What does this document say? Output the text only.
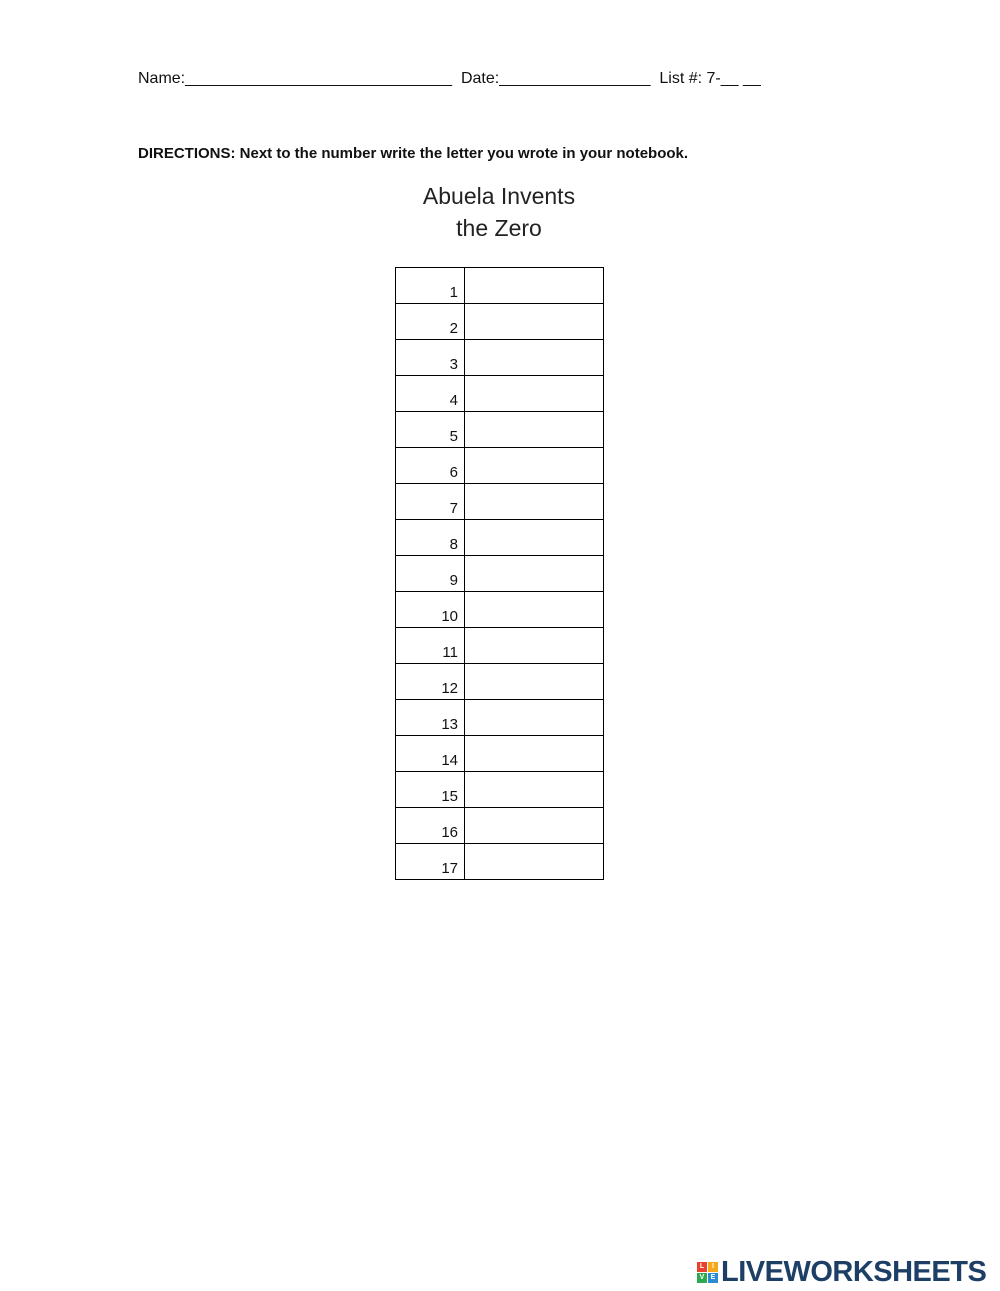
Name:______________________________ Date:_________________ List #: 7-__ __
DIRECTIONS: Next to the number write the letter you wrote in your notebook.
Abuela Invents
the Zero
1	
2	
3	
4	
5	
6	
7	
8	
9	
10	
11	
12	
13	
14	
15	
16	
17	
L	I
V E LIVEWORKSHEETS
